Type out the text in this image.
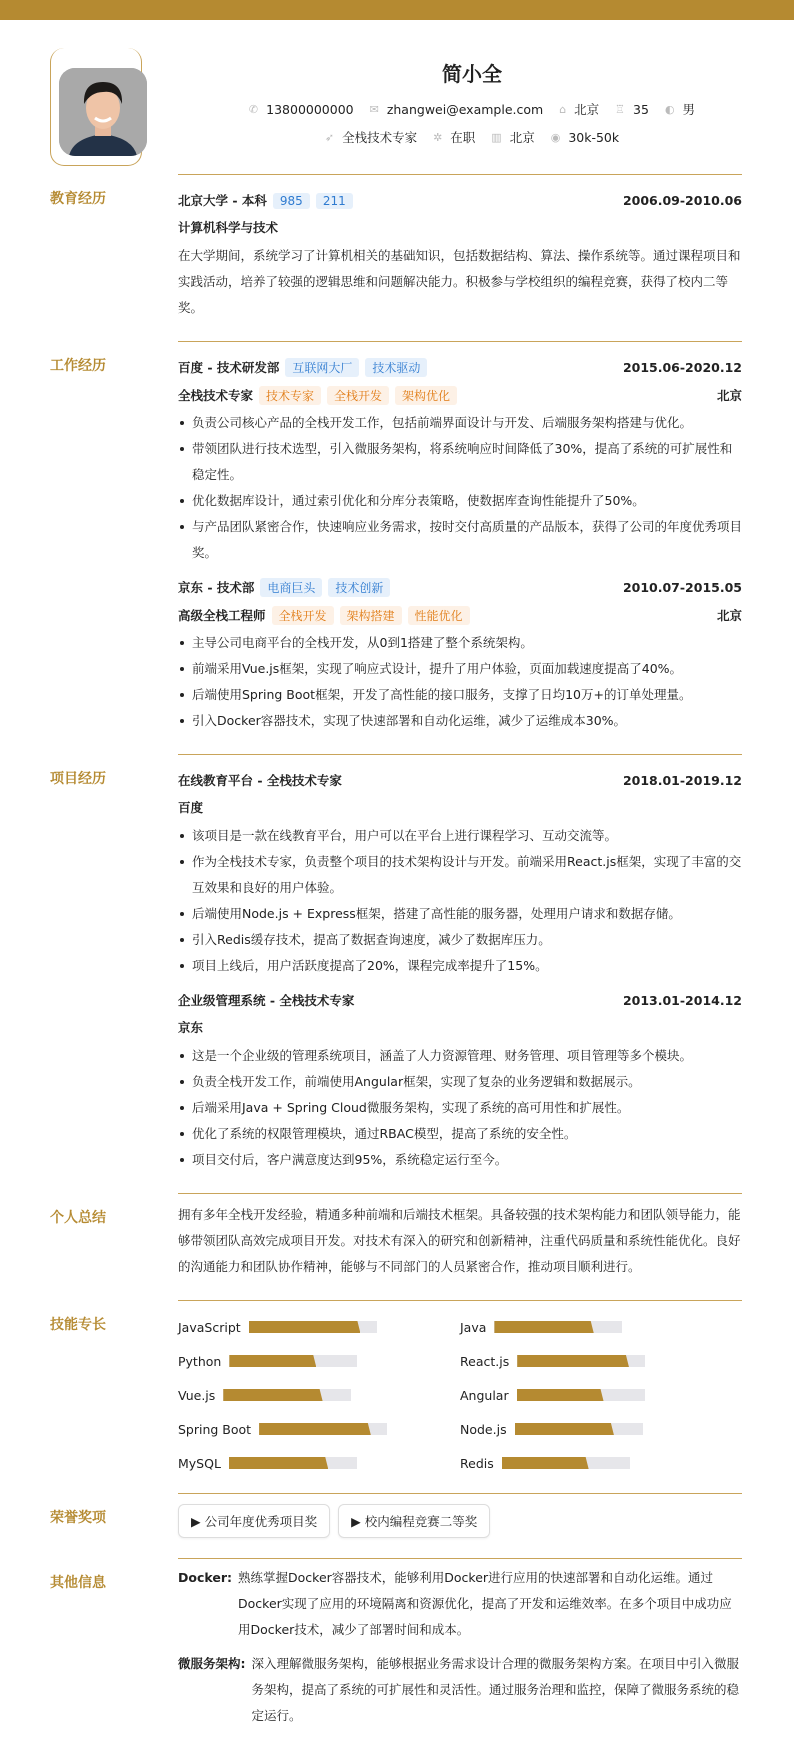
简小全
✆ 13800000000
✉ zhangwei@example.com
⌂ 北京
♖ 35
◐ 男
➶ 全栈技术专家
✲ 在职
▥ 北京
◉ 30k-50k
教育经历	北京大学 - 本科 985 211	2006.09-2010.06
计算机科学与技术
在大学期间，系统学习了计算机相关的基础知识，包括数据结构、算法、操作系统等。通过课程项目和实践活动，培养了较强的逻辑思维和问题解决能力。积极参与学校组织的编程竞赛，获得了校内二等奖。
工作经历	百度 - 技术研发部 互联网大厂 技术驱动	2015.06-2020.12
全栈技术专家 技术专家 全栈开发 架构优化	北京
负责公司核心产品的全栈开发工作，包括前端界面设计与开发、后端服务架构搭建与优化。
带领团队进行技术选型，引入微服务架构，将系统响应时间降低了30%，提高了系统的可扩展性和稳定性。
优化数据库设计，通过索引优化和分库分表策略，使数据库查询性能提升了50%。
与产品团队紧密合作，快速响应业务需求，按时交付高质量的产品版本，获得了公司的年度优秀项目奖。
京东 - 技术部 电商巨头 技术创新	2010.07-2015.05
高级全栈工程师 全栈开发 架构搭建 性能优化	北京
主导公司电商平台的全栈开发，从0到1搭建了整个系统架构。
前端采用Vue.js框架，实现了响应式设计，提升了用户体验，页面加载速度提高了40%。
后端使用Spring Boot框架，开发了高性能的接口服务，支撑了日均10万+的订单处理量。
引入Docker容器技术，实现了快速部署和自动化运维，减少了运维成本30%。
项目经历	在线教育平台 - 全栈技术专家	2018.01-2019.12
百度
该项目是一款在线教育平台，用户可以在平台上进行课程学习、互动交流等。
作为全栈技术专家，负责整个项目的技术架构设计与开发。前端采用React.js框架，实现了丰富的交互效果和良好的用户体验。
后端使用Node.js + Express框架，搭建了高性能的服务器，处理用户请求和数据存储。
引入Redis缓存技术，提高了数据查询速度，减少了数据库压力。
项目上线后，用户活跃度提高了20%，课程完成率提升了15%。
企业级管理系统 - 全栈技术专家	2013.01-2014.12
京东
这是一个企业级的管理系统项目，涵盖了人力资源管理、财务管理、项目管理等多个模块。
负责全栈开发工作，前端使用Angular框架，实现了复杂的业务逻辑和数据展示。
后端采用Java + Spring Cloud微服务架构，实现了系统的高可用性和扩展性。
优化了系统的权限管理模块，通过RBAC模型，提高了系统的安全性。
项目交付后，客户满意度达到95%，系统稳定运行至今。
个人总结	拥有多年全栈开发经验，精通多种前端和后端技术框架。具备较强的技术架构能力和团队领导能力，能够带领团队高效完成项目开发。对技术有深入的研究和创新精神，注重代码质量和系统性能优化。良好的沟通能力和团队协作精神，能够与不同部门的人员紧密合作，推动项目顺利进行。
技能专长	JavaScript	Java
Python	React.js
Vue.js	Angular
Spring Boot	Node.js
MySQL	Redis
荣誉奖项	▶ 公司年度优秀项目奖	▶ 校内编程竞赛二等奖
其他信息	Docker: 熟练掌握Docker容器技术，能够利用Docker进行应用的快速部署和自动化运维。通过Docker实现了应用的环境隔离和资源优化，提高了开发和运维效率。在多个项目中成功应用Docker技术，减少了部署时间和成本。
微服务架构: 深入理解微服务架构，能够根据业务需求设计合理的微服务架构方案。在项目中引入微服务架构，提高了系统的可扩展性和灵活性。通过服务治理和监控，保障了微服务系统的稳定运行。
